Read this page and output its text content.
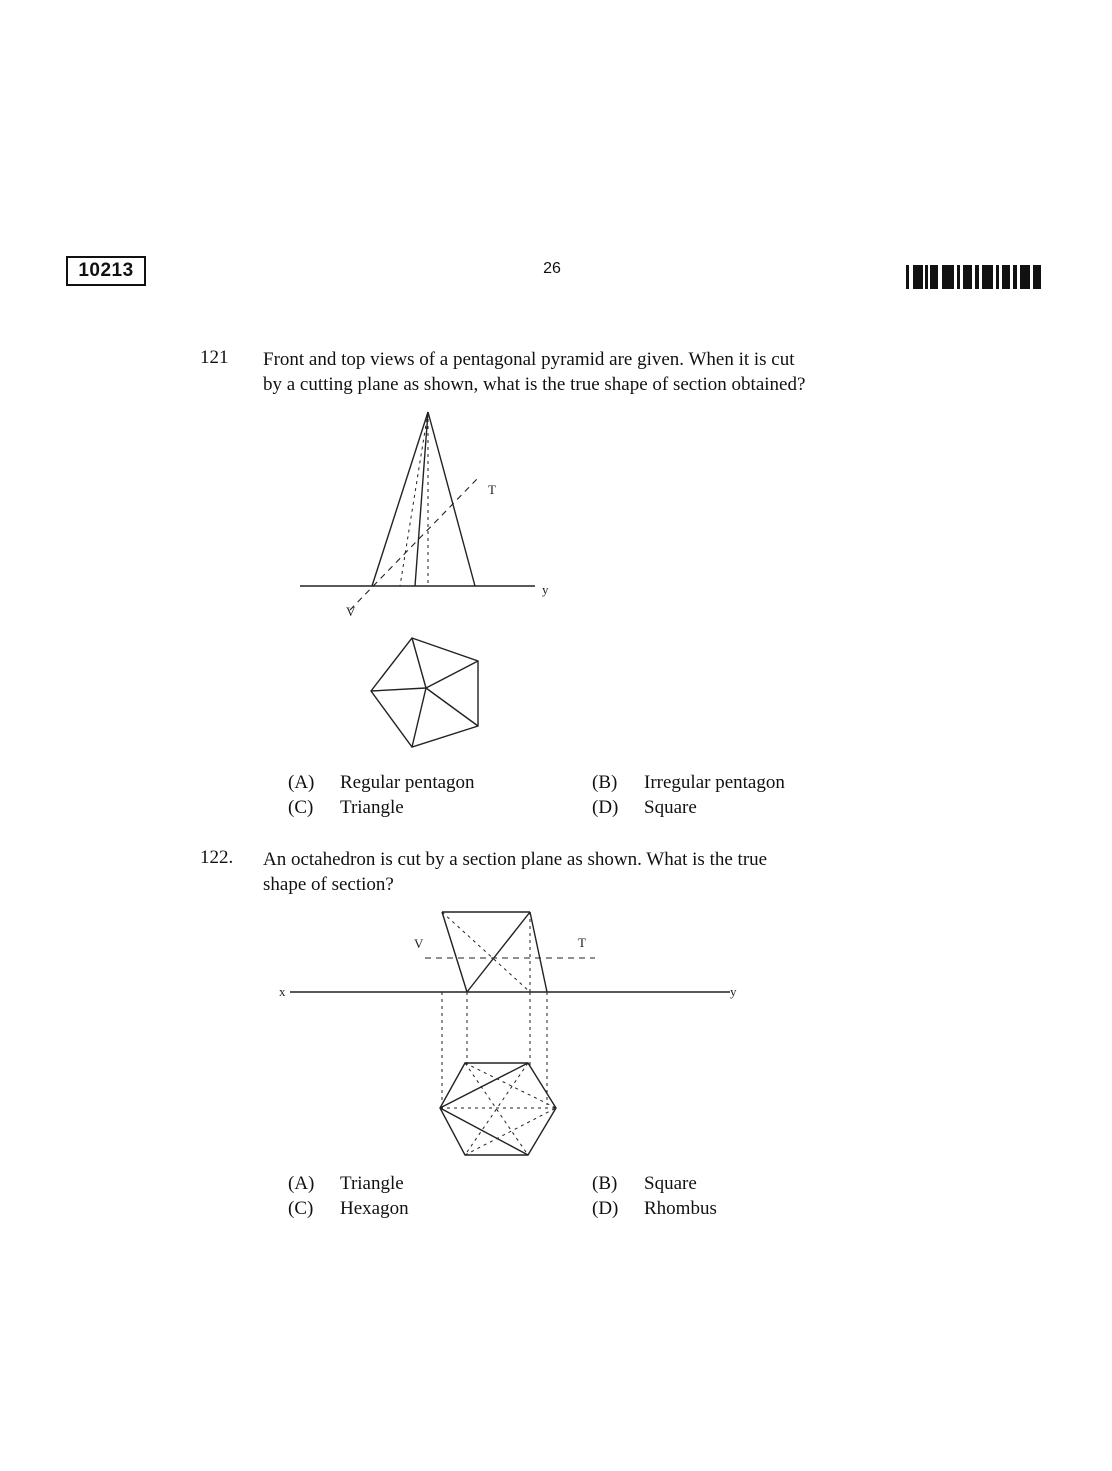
10213	26
121 Front and top views of a pentagonal pyramid are given. When it is cut
by a cutting plane as shown, what is the true shape of section obtained?
T
V
y
(A)	Regular pentagon	(B)	Irregular pentagon
(C)	Triangle	(D)	Square
122. An octahedron is cut by a section plane as shown. What is the true
shape of section?
V	T
x	y
(A)	Triangle	(B)	Square
(C)	Hexagon	(D)	Rhombus
